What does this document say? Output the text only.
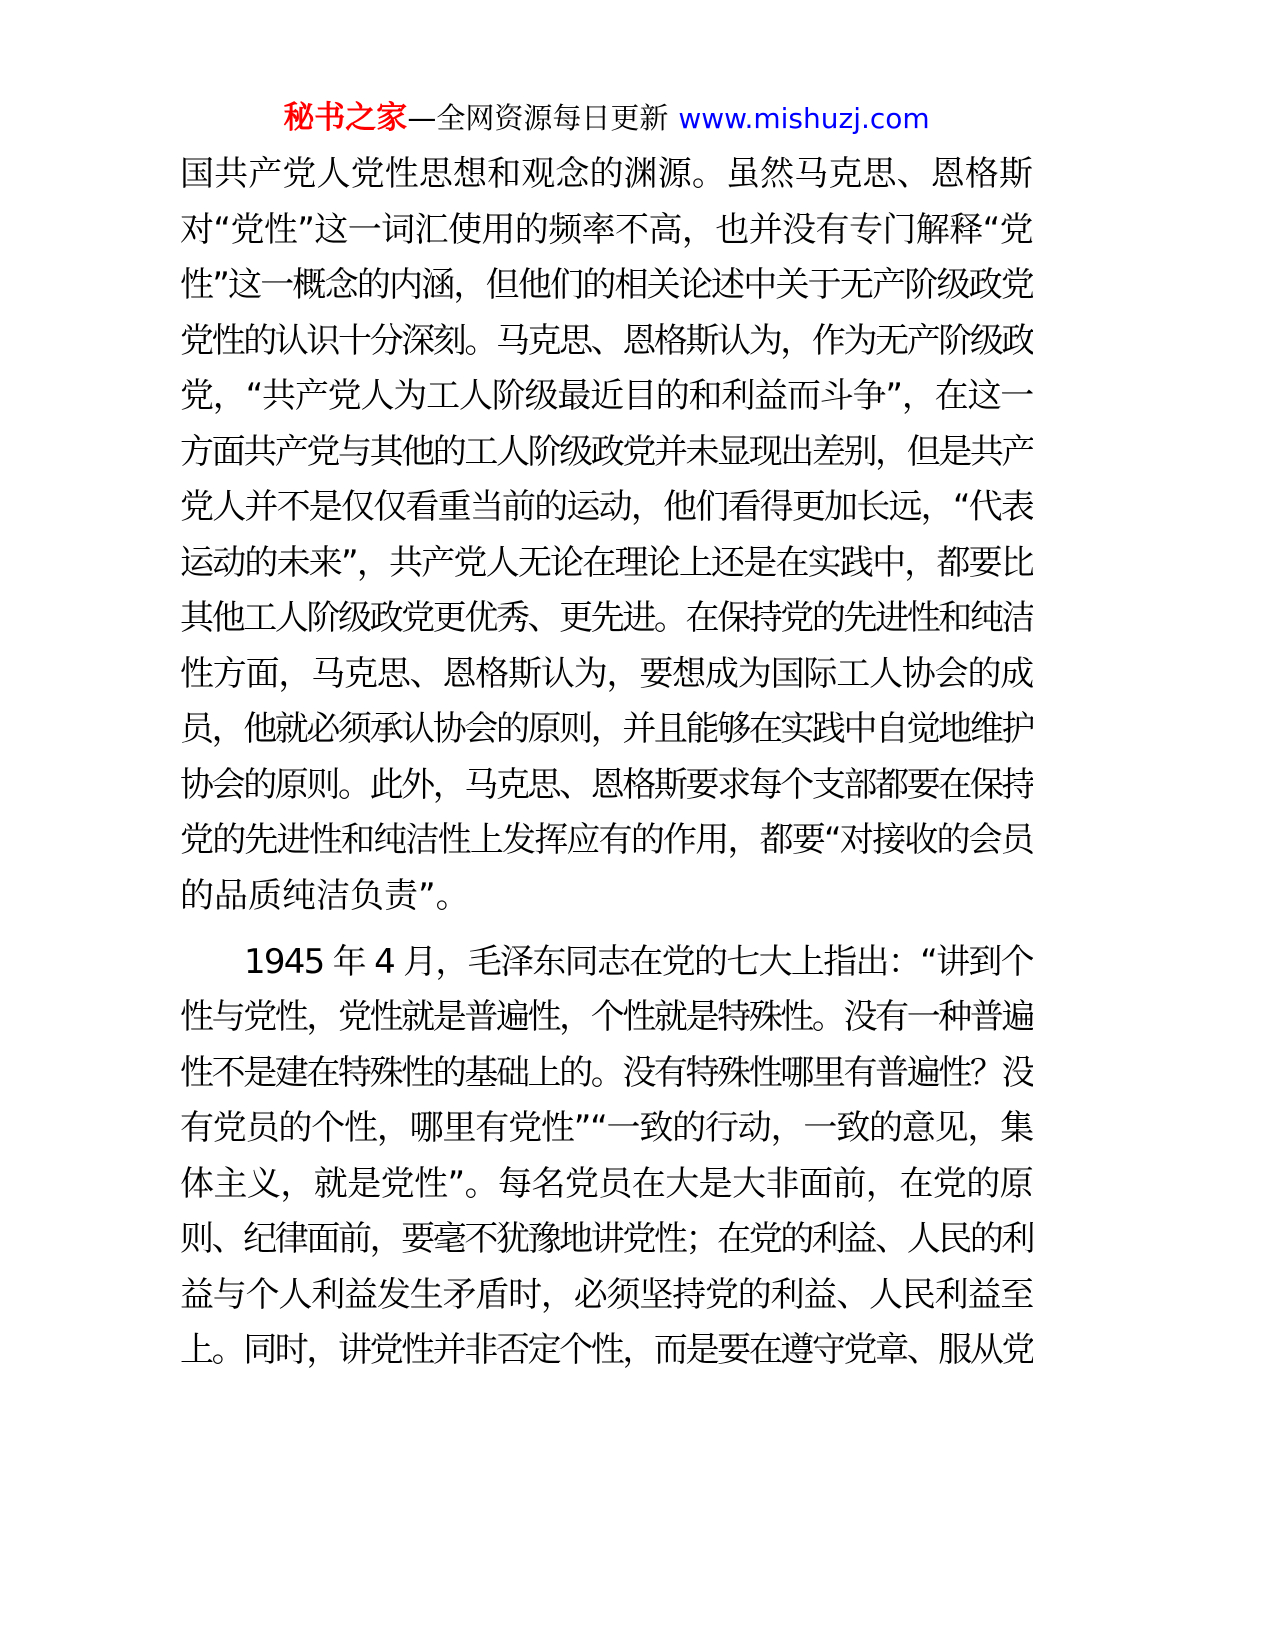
秘书之家—全网资源每日更新 www.mishuzj.com
国共产党人党性思想和观念的渊源。虽然马克思、恩格斯
对“党性”这一词汇使用的频率不高，也并没有专门解释“党
性”这一概念的内涵，但他们的相关论述中关于无产阶级政党
党性的认识十分深刻。马克思、恩格斯认为，作为无产阶级政
党，“共产党人为工人阶级最近目的和利益而斗争”，在这一
方面共产党与其他的工人阶级政党并未显现出差别，但是共产
党人并不是仅仅看重当前的运动，他们看得更加长远，“代表
运动的未来”，共产党人无论在理论上还是在实践中，都要比
其他工人阶级政党更优秀、更先进。在保持党的先进性和纯洁
性方面，马克思、恩格斯认为，要想成为国际工人协会的成
员，他就必须承认协会的原则，并且能够在实践中自觉地维护
协会的原则。此外，马克思、恩格斯要求每个支部都要在保持
党的先进性和纯洁性上发挥应有的作用，都要“对接收的会员
的品质纯洁负责”。
1945 年 4 月，毛泽东同志在党的七大上指出：“讲到个
性与党性，党性就是普遍性，个性就是特殊性。没有一种普遍
性不是建在特殊性的基础上的。没有特殊性哪里有普遍性？没
有党员的个性，哪里有党性”“一致的行动，一致的意见，集
体主义，就是党性”。每名党员在大是大非面前，在党的原
则、纪律面前，要毫不犹豫地讲党性；在党的利益、人民的利
益与个人利益发生矛盾时，必须坚持党的利益、人民利益至
上。同时，讲党性并非否定个性，而是要在遵守党章、服从党
